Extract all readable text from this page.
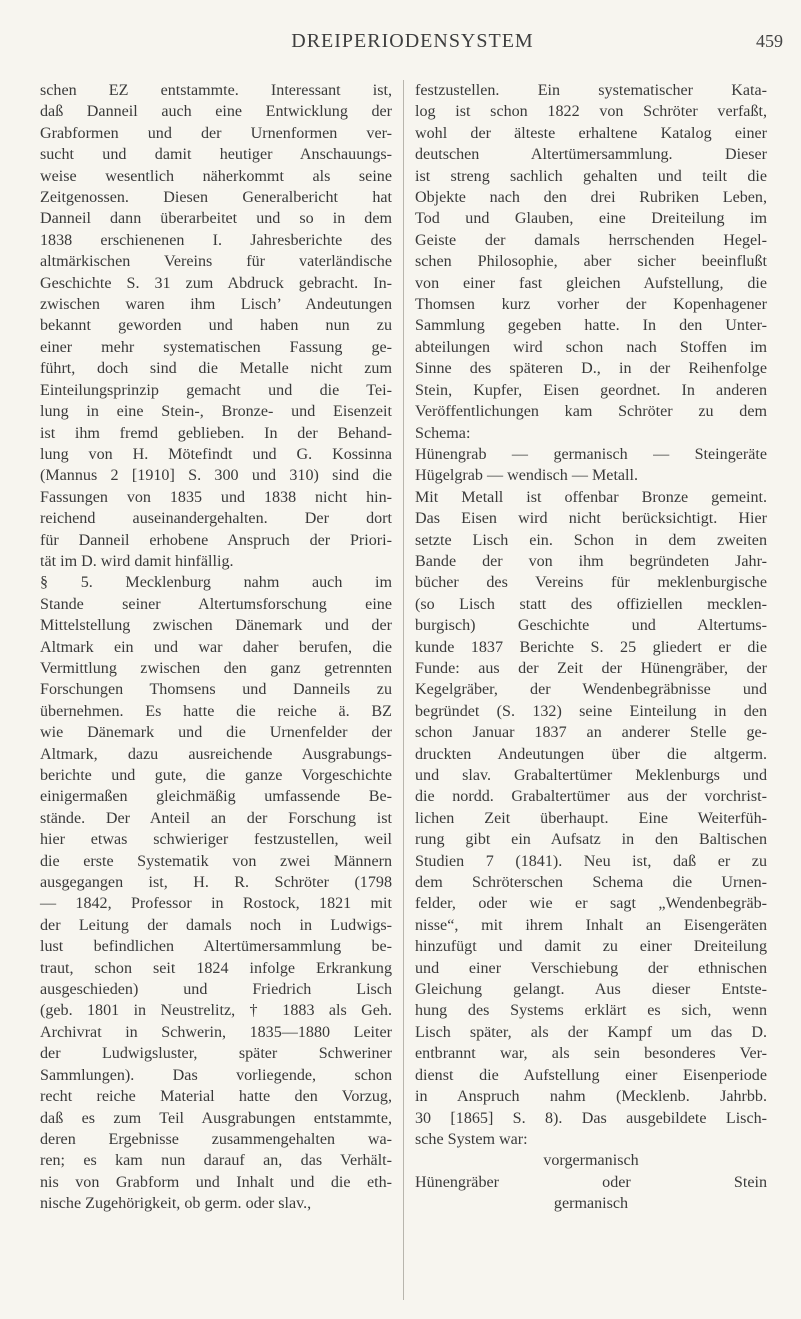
DREIPERIODENSYSTEM	459
schen EZ entstammte. Interessant ist,
daß Danneil auch eine Entwicklung der
Grabformen und der Urnenformen ver-
sucht und damit heutiger Anschauungs-
weise wesentlich näherkommt als seine
Zeitgenossen. Diesen Generalbericht hat
Danneil dann überarbeitet und so in dem
1838 erschienenen I. Jahresberichte des
altmärkischen Vereins für vaterländische
Geschichte S. 31 zum Abdruck gebracht. In-
zwischen waren ihm Lisch’ Andeutungen
bekannt geworden und haben nun zu
einer mehr systematischen Fassung ge-
führt, doch sind die Metalle nicht zum
Einteilungsprinzip gemacht und die Tei-
lung in eine Stein-, Bronze- und Eisenzeit
ist ihm fremd geblieben. In der Behand-
lung von H. Mötefindt und G. Kossinna
(Mannus 2 [1910] S. 300 und 310) sind die
Fassungen von 1835 und 1838 nicht hin-
reichend auseinandergehalten. Der dort
für Danneil erhobene Anspruch der Priori-
tät im D. wird damit hinfällig.
§ 5. Mecklenburg nahm auch im
Stande seiner Altertumsforschung eine
Mittelstellung zwischen Dänemark und der
Altmark ein und war daher berufen, die
Vermittlung zwischen den ganz getrennten
Forschungen Thomsens und Danneils zu
übernehmen. Es hatte die reiche ä. BZ
wie Dänemark und die Urnenfelder der
Altmark, dazu ausreichende Ausgrabungs-
berichte und gute, die ganze Vorgeschichte
einigermaßen gleichmäßig umfassende Be-
stände. Der Anteil an der Forschung ist
hier etwas schwieriger festzustellen, weil
die erste Systematik von zwei Männern
ausgegangen ist, H. R. Schröter (1798
— 1842, Professor in Rostock, 1821 mit
der Leitung der damals noch in Ludwigs-
lust befindlichen Altertümersammlung be-
traut, schon seit 1824 infolge Erkrankung
ausgeschieden) und Friedrich Lisch
(geb. 1801 in Neustrelitz, † 1883 als Geh.
Archivrat in Schwerin, 1835—1880 Leiter
der Ludwigsluster, später Schweriner
Sammlungen). Das vorliegende, schon
recht reiche Material hatte den Vorzug,
daß es zum Teil Ausgrabungen entstammte,
deren Ergebnisse zusammengehalten wa-
ren; es kam nun darauf an, das Verhält-
nis von Grabform und Inhalt und die eth-
nische Zugehörigkeit, ob germ. oder slav.,
festzustellen. Ein systematischer Kata-
log ist schon 1822 von Schröter verfaßt,
wohl der älteste erhaltene Katalog einer
deutschen Altertümersammlung. Dieser
ist streng sachlich gehalten und teilt die
Objekte nach den drei Rubriken Leben,
Tod und Glauben, eine Dreiteilung im
Geiste der damals herrschenden Hegel-
schen Philosophie, aber sicher beeinflußt
von einer fast gleichen Aufstellung, die
Thomsen kurz vorher der Kopenhagener
Sammlung gegeben hatte. In den Unter-
abteilungen wird schon nach Stoffen im
Sinne des späteren D., in der Reihenfolge
Stein, Kupfer, Eisen geordnet. In anderen
Veröffentlichungen kam Schröter zu dem
Schema:
Hünengrab — germanisch — Steingeräte
Hügelgrab — wendisch — Metall.
Mit Metall ist offenbar Bronze gemeint.
Das Eisen wird nicht berücksichtigt. Hier
setzte Lisch ein. Schon in dem zweiten
Bande der von ihm begründeten Jahr-
bücher des Vereins für meklenburgische
(so Lisch statt des offiziellen mecklen-
burgisch) Geschichte und Altertums-
kunde 1837 Berichte S. 25 gliedert er die
Funde: aus der Zeit der Hünengräber, der
Kegelgräber, der Wendenbegräbnisse und
begründet (S. 132) seine Einteilung in den
schon Januar 1837 an anderer Stelle ge-
druckten Andeutungen über die altgerm.
und slav. Grabaltertümer Meklenburgs und
die nordd. Grabaltertümer aus der vorchrist-
lichen Zeit überhaupt. Eine Weiterfüh-
rung gibt ein Aufsatz in den Baltischen
Studien 7 (1841). Neu ist, daß er zu
dem Schröterschen Schema die Urnen-
felder, oder wie er sagt „Wendenbegräb-
nisse“, mit ihrem Inhalt an Eisengeräten
hinzufügt und damit zu einer Dreiteilung
und einer Verschiebung der ethnischen
Gleichung gelangt. Aus dieser Entste-
hung des Systems erklärt es sich, wenn
Lisch später, als der Kampf um das D.
entbrannt war, als sein besonderes Ver-
dienst die Aufstellung einer Eisenperiode
in Anspruch nahm (Mecklenb. Jahrbb.
30 [1865] S. 8). Das ausgebildete Lisch-
sche System war:
vorgermanisch
Hünengräber oder Stein
germanisch
